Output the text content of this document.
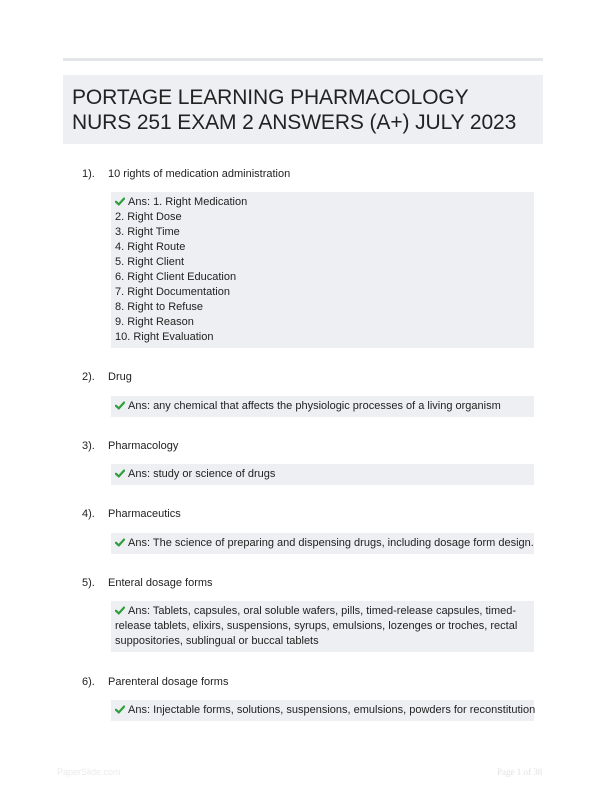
PORTAGE LEARNING PHARMACOLOGY NURS 251 EXAM 2 ANSWERS (A+) JULY 2023
1). 10 rights of medication administration
Ans: 1. Right Medication
2. Right Dose
3. Right Time
4. Right Route
5. Right Client
6. Right Client Education
7. Right Documentation
8. Right to Refuse
9. Right Reason
10. Right Evaluation
2). Drug
Ans: any chemical that affects the physiologic processes of a living organism
3). Pharmacology
Ans: study or science of drugs
4). Pharmaceutics
Ans: The science of preparing and dispensing drugs, including dosage form design.
5). Enteral dosage forms
Ans: Tablets, capsules, oral soluble wafers, pills, timed-release capsules, timed-release tablets, elixirs, suspensions, syrups, emulsions, lozenges or troches, rectal suppositories, sublingual or buccal tablets
6). Parenteral dosage forms
Ans: Injectable forms, solutions, suspensions, emulsions, powders for reconstitution
PaperSlide.com	Page 1 of 38
